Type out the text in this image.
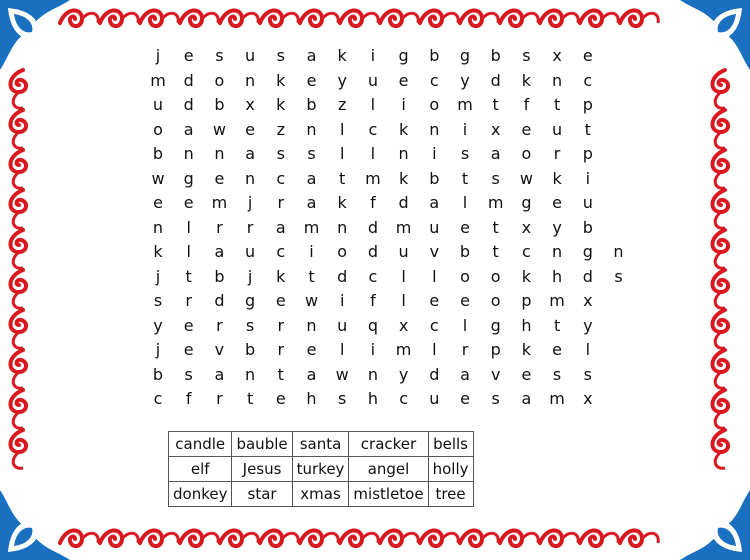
j	e	s	u	s	a	k	i	g	b	g	b	s	x	e
m	d	o	n	k	e	y	u	e	c	y	d	k	n	c
u	d	b	x	k	b	z	l	i	o	m	t	f	t	p
o	a	w	e	z	n	l	c	k	n	i	x	e	u	t
b	n	n	a	s	s	l	l	n	i	s	a	o	r	p
w	g	e	n	c	a	t	m	k	b	t	s	w	k	i
e	e	m	j	r	a	k	f	d	a	l	m	g	e	u
n	l	r	r	a	m	n	d	m	u	e	t	x	y	b
k	l	a	u	c	i	o	d	u	v	b	t	c	n	g	n
j	t	b	j	k	t	d	c	l	l	o	o	k	h	d	s
s	r	d	g	e	w	i	f	l	e	e	o	p	m	x
y	e	r	s	r	n	u	q	x	c	l	g	h	t	y
j	e	v	b	r	e	l	i	m	l	r	p	k	e	l
b	s	a	n	t	a	w	n	y	d	a	v	e	s	s
c	f	r	t	e	h	s	h	c	u	e	s	a	m	x
candle	bauble	santa	cracker	bells
elf	Jesus	turkey	angel	holly
donkey	star	xmas	mistletoe	tree
